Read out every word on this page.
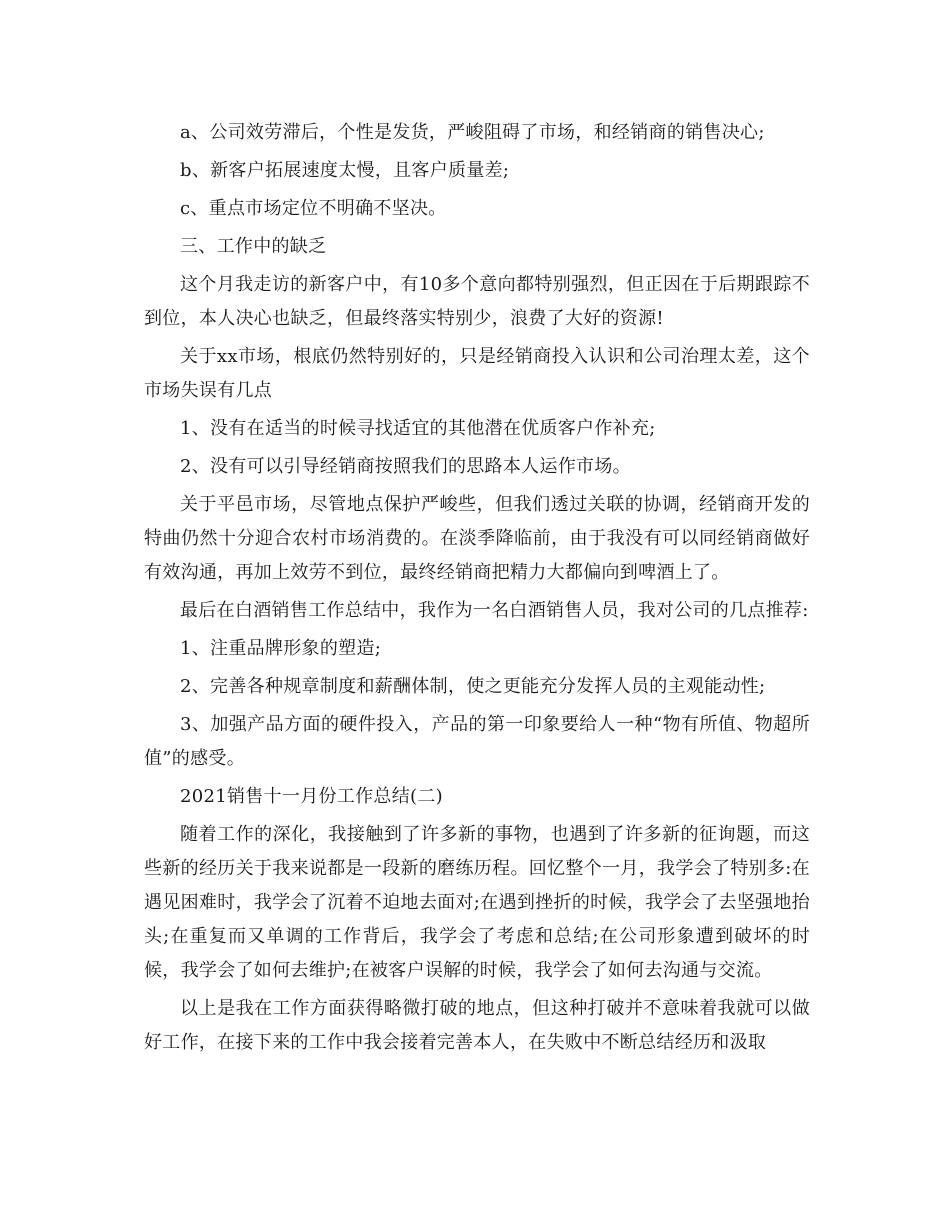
a、公司效劳滞后，个性是发货，严峻阻碍了市场，和经销商的销售决心;

b、新客户拓展速度太慢，且客户质量差;

c、重点市场定位不明确不坚决。

三、工作中的缺乏

这个月我走访的新客户中，有10多个意向都特别强烈，但正因在于后期跟踪不到位，本人决心也缺乏，但最终落实特别少，浪费了大好的资源!

关于xx市场，根底仍然特别好的，只是经销商投入认识和公司治理太差，这个市场失误有几点

1、没有在适当的时候寻找适宜的其他潜在优质客户作补充;

2、没有可以引导经销商按照我们的思路本人运作市场。

关于平邑市场，尽管地点保护严峻些，但我们透过关联的协调，经销商开发的特曲仍然十分迎合农村市场消费的。在淡季降临前，由于我没有可以同经销商做好有效沟通，再加上效劳不到位，最终经销商把精力大都偏向到啤酒上了。

最后在白酒销售工作总结中，我作为一名白酒销售人员，我对公司的几点推荐:

1、注重品牌形象的塑造;

2、完善各种规章制度和薪酬体制，使之更能充分发挥人员的主观能动性;

3、加强产品方面的硬件投入，产品的第一印象要给人一种“物有所值、物超所值”的感受。

2021销售十一月份工作总结(二)

随着工作的深化，我接触到了许多新的事物，也遇到了许多新的征询题，而这些新的经历关于我来说都是一段新的磨练历程。回忆整个一月，我学会了特别多:在遇见困难时，我学会了沉着不迫地去面对;在遇到挫折的时候，我学会了去坚强地抬头;在重复而又单调的工作背后，我学会了考虑和总结;在公司形象遭到破坏的时候，我学会了如何去维护;在被客户误解的时候，我学会了如何去沟通与交流。

以上是我在工作方面获得略微打破的地点，但这种打破并不意味着我就可以做好工作，在接下来的工作中我会接着完善本人，在失败中不断总结经历和汲取
